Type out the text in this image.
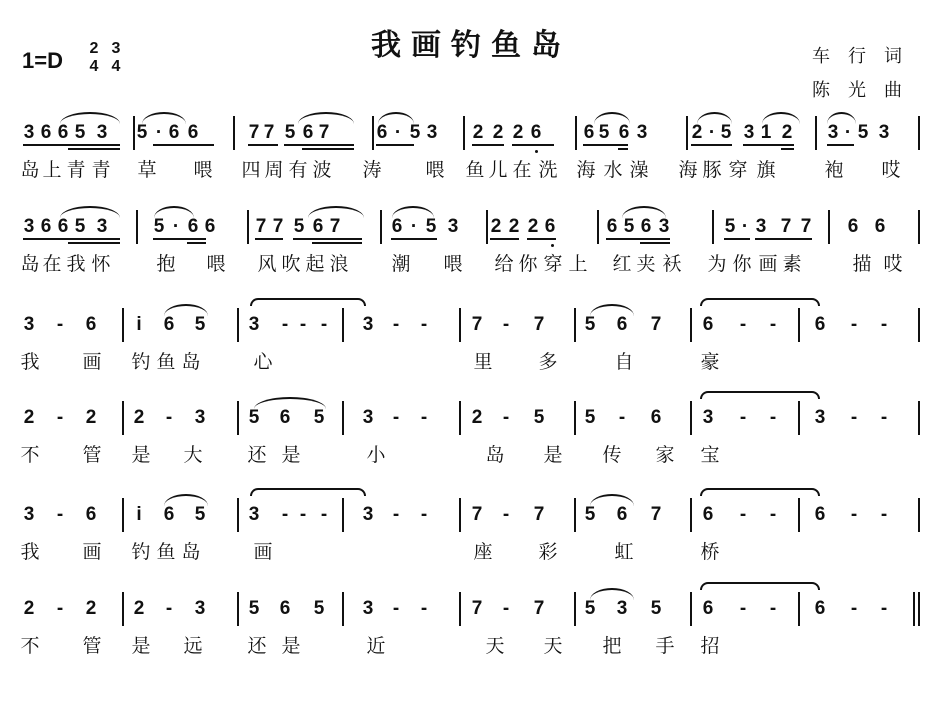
我画钓鱼岛
1=D 2
4
3
4	车行词
陈光曲
3 6 6 5 3 5 · 6 6	7 7 5 6 7 6 · 5 3 2 2 2 6 6 5 6 3 2 · 5 3 1 2 3 · 5 3
岛 上 青 青 草 喂 四 周 有 波 涛 喂 鱼 儿 在 洗 海 水 澡 海 豚 穿 旗	袍 哎
3 6 6 5 3 5 · 6 6 7 7 5 6 7	6 · 5 3 2 2 2 6	6 5 6 3	5 · 3 7 7 6 6
岛 在 我 怀 抱 喂 风 吹 起 浪 潮 喂 给 你 穿 上 红 夹 袄 为 你 画 素	描 哎
3 - 6 i 6 5 3 - - - 3 - - 7 - 7 5 6 7 6 - - 6 - -
我 画 钓 鱼 岛	心	里 多	自	豪
2 - 2 2 - 3 5 6 5 3 - - 2 - 5 5 - 6 3 - - 3 - -
不 管 是 大 还 是	小	岛 是 传 家 宝
3 - 6 i 6 5 3 - - - 3 - - 7 - 7 5 6 7 6 - - 6 - -
我 画 钓 鱼 岛	画	座 彩	虹	桥
2 - 2 2 - 3 5 6 5 3 - - 7 - 7 5 3 5 6 - - 6 - -
不 管 是 远 还 是	近	天 天 把 手 招
